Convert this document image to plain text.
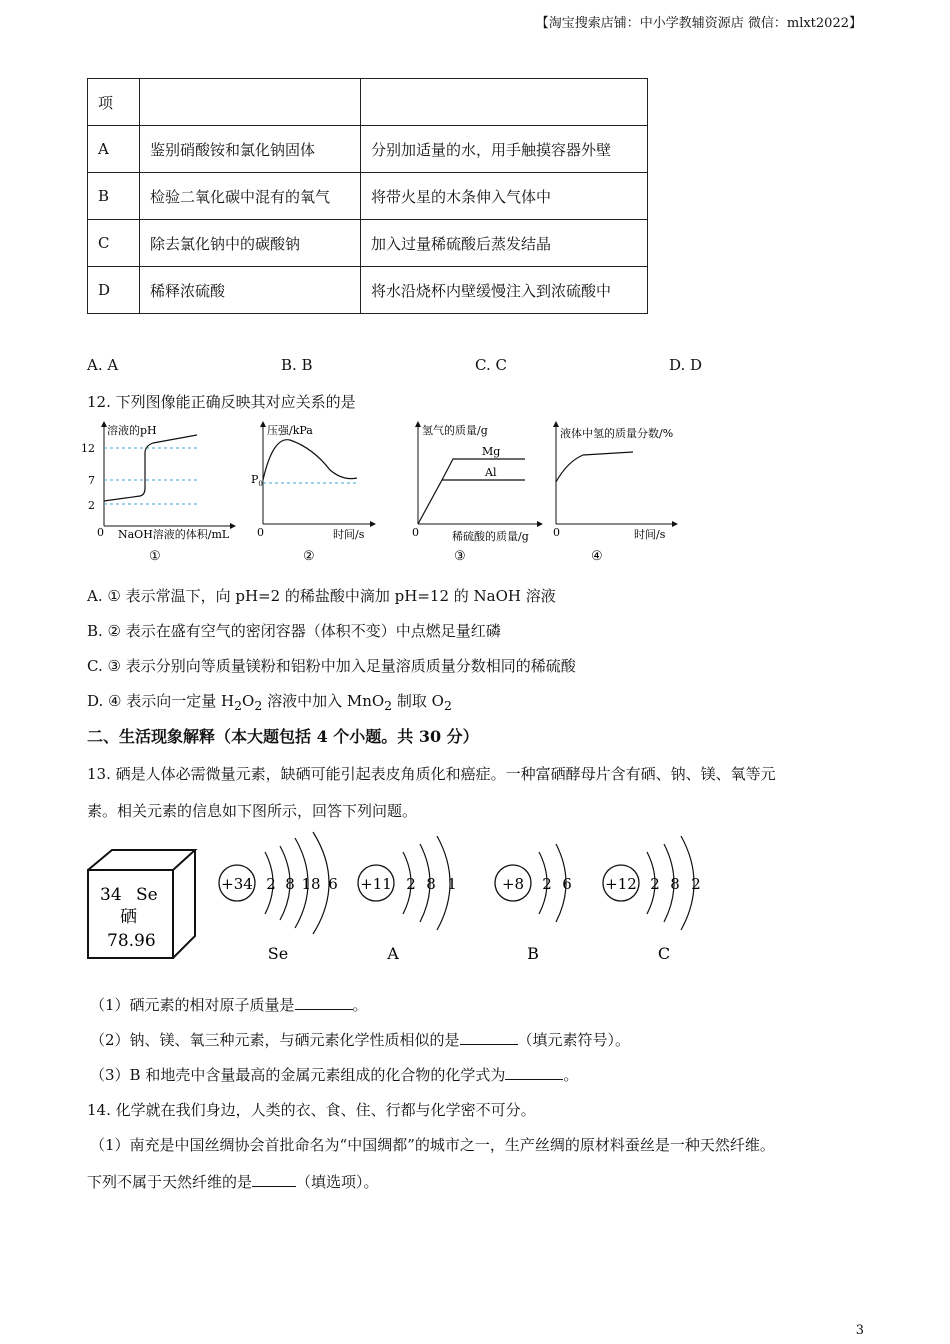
【淘宝搜索店铺：中小学教辅资源店 微信：mlxt2022】
项		
A	鉴别硝酸铵和氯化钠固体	分别加适量的水，用手触摸容器外壁
B	检验二氧化碳中混有的氧气	将带火星的木条伸入气体中
C	除去氯化钠中的碳酸钠	加入过量稀硫酸后蒸发结晶
D	稀释浓硫酸	将水沿烧杯内壁缓慢注入到浓硫酸中
A. A	B. B	C. C	D. D
12. 下列图像能正确反映其对应关系的是
溶液的pH
12
7
2
0 NaOH溶液的体积/mL
①
压强/kPa
$P_0$
0	时间/s
②
氢气的质量/g
Mg
Al
0	稀硫酸的质量/g
③
液体中氢的质量分数/%
0	时间/s
④
A. ① 表示常温下，向 pH=2 的稀盐酸中滴加 pH=12 的 NaOH 溶液
B. ② 表示在盛有空气的密闭容器（体积不变）中点燃足量红磷
C. ③ 表示分别向等质量镁粉和铝粉中加入足量溶质质量分数相同的稀硫酸
D. ④ 表示向一定量 $H_2O_2$ 溶液中加入 MnO$_2$ 制取 $O_2$
二、生活现象解释（本大题包括 4 个小题。共 30 分）
13. 硒是人体必需微量元素，缺硒可能引起表皮角质化和癌症。一种富硒酵母片含有硒、钠、镁、氧等元
素。相关元素的信息如下图所示，回答下列问题。
34 Se
硒
78.96
+34 2 8 18 6
Se
+11 2 8 1
A
+8 2 6
B
+12 2 8 2
C
（1）硒元素的相对原子质量是	。
（2）钠、镁、氧三种元素，与硒元素化学性质相似的是	（填元素符号）。
（3）B 和地壳中含量最高的金属元素组成的化合物的化学式为	。
14. 化学就在我们身边，人类的衣、食、住、行都与化学密不可分。
（1）南充是中国丝绸协会首批命名为“中国绸都”的城市之一，生产丝绸的原材料蚕丝是一种天然纤维。
下列不属于天然纤维的是	（填选项）。
3
